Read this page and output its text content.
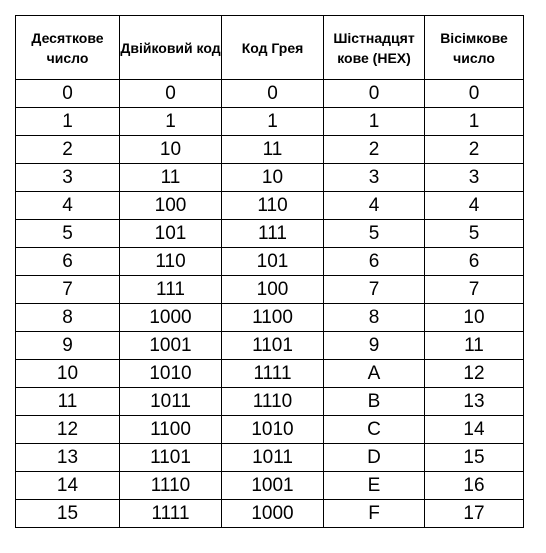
Десяткове число	Двійковий код	Код Грея	Шістнадцят кове (HEX)	Вісімкове число
0	0	0	0	0
1	1	1	1	1
2	10	11	2	2
3	11	10	3	3
4	100	110	4	4
5	101	111	5	5
6	110	101	6	6
7	111	100	7	7
8	1000	1100	8	10
9	1001	1101	9	11
10	1010	1111	A	12
11	1011	1110	B	13
12	1100	1010	C	14
13	1101	1011	D	15
14	1110	1001	E	16
15	1111	1000	F	17
